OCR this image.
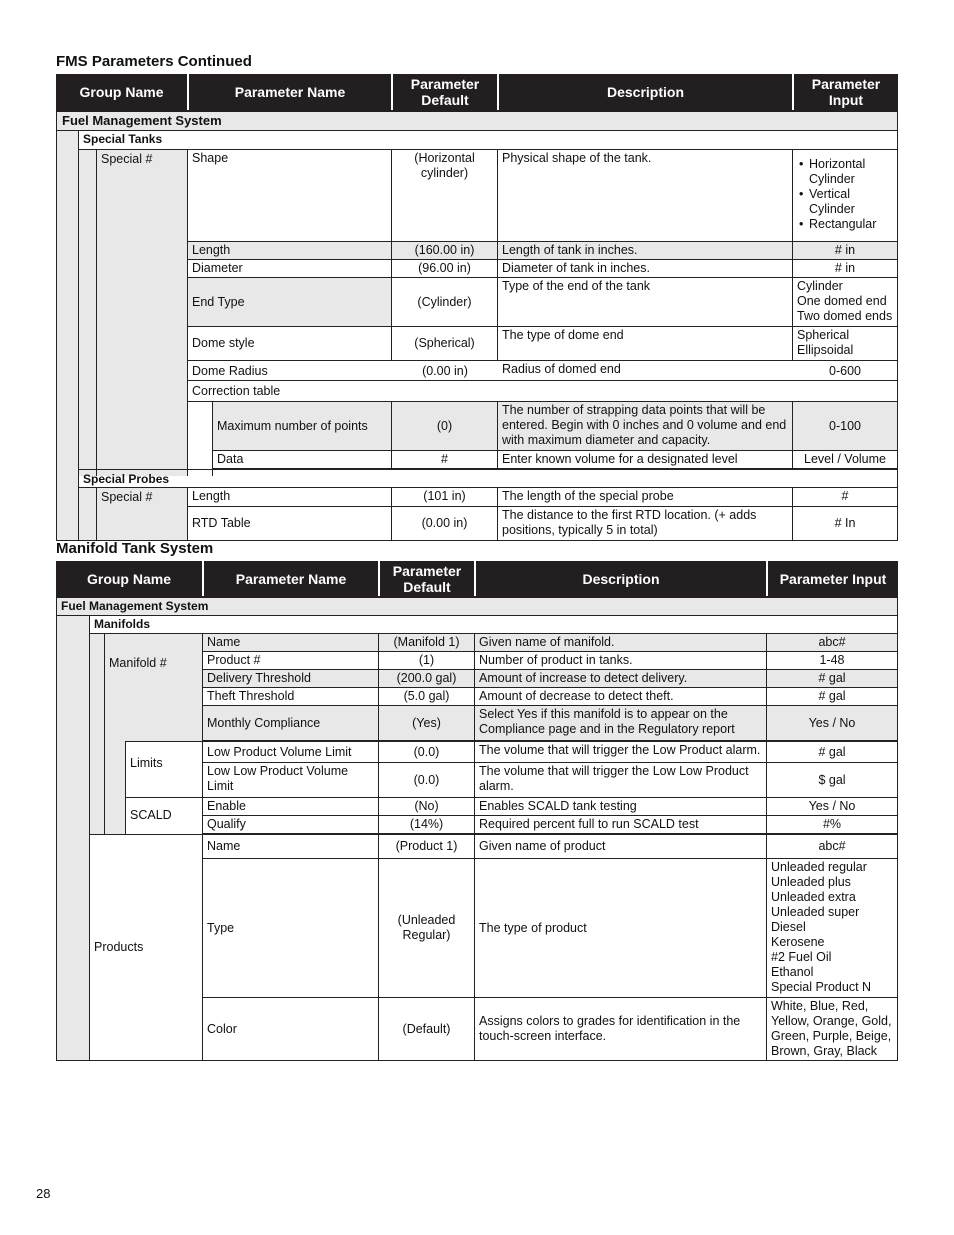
FMS Parameters Continued
Group Name	Parameter Name	Parameter
Default	Description	Parameter
Input
Fuel Management System
Special Tanks
Special #	Shape	(Horizontal cylinder)
Physical shape of the tank.
•	Horizontal Cylinder
• Vertical Cylinder
• Rectangular
Length	(160.00 in)	Length of tank in inches.	# in
Diameter	(96.00 in)	Diameter of tank in inches.	# in
End Type	(Cylinder)
Type of the end of the tank	Cylinder
One domed end
Two domed ends
Dome style	(Spherical)
The type of dome end	Spherical
Ellipsoidal
Dome Radius	(0.00 in)	Radius of domed end	0-600
Correction table
Maximum number of points	(0)
The number of strapping data points that will be entered. Begin with 0 inches and 0 volume and end with maximum diameter and capacity.
0-100
Data	#	Enter known volume for a designated level	Level / Volume
Special Probes
Special #	Length	(101 in)	The length of the special probe	#
RTD Table	(0.00 in)
The distance to the first RTD location. (+ adds positions, typically 5 in total)	# In
Manifold Tank System
Group Name	Parameter Name	Parameter
Default	Description	Parameter Input
Fuel Management System
Manifolds
Manifold #
Limits
SCALD
Name	(Manifold 1)	Given name of manifold.	abc#
Product #	(1)	Number of product in tanks.	1-48
Delivery Threshold	(200.0 gal)	Amount of increase to detect delivery.	# gal
Theft Threshold	(5.0 gal)	Amount of decrease to detect theft.	# gal
Monthly Compliance	(Yes)
Select Yes if this manifold is to appear on the Compliance page and in the Regulatory report	Yes / No
Low Product Volume Limit	(0.0)	The volume that will trigger the Low Product alarm.	# gal
Low Low Product Volume Limit	(0.0)
The volume that will trigger the Low Low Product alarm.	$ gal
Enable	(No)	Enables SCALD tank testing	Yes / No
Qualify	(14%)	Required percent full to run SCALD test	#%
Products
Name	(Product 1)	Given name of product	abc#
Type
(Unleaded Regular)
The type of product
Unleaded regular
Unleaded plus
Unleaded extra
Unleaded super
Diesel
Kerosene
#2 Fuel Oil
Ethanol
Special Product N
Color	(Default)
Assigns colors to grades for identification in the touch-screen interface.
White, Blue, Red, Yellow, Orange, Gold, Green, Purple, Beige, Brown, Gray, Black
28
